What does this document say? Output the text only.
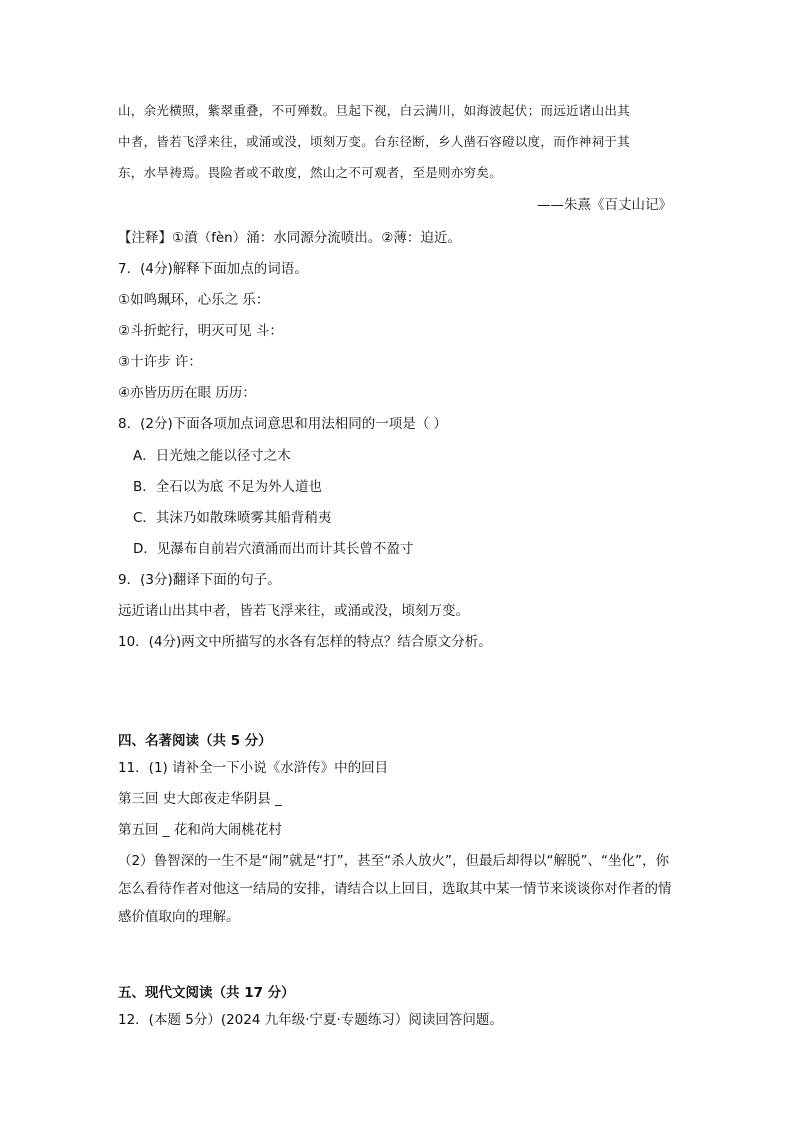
山，余光横照，紫翠重叠，不可殚数。旦起下视，白云满川，如海波起伏；而远近诸山出其
中者，皆若飞浮来往，或涌或没，顷刻万变。台东径断，乡人凿石容磴以度，而作神祠于其
东，水旱祷焉。畏险者或不敢度，然山之不可观者，至是则亦穷矣。
——朱熹《百丈山记》
【注释】①濆（fèn）涌：水同源分流喷出。②薄：迫近。
7．(4分)解释下面加点的词语。
①如鸣珮环，心乐之 乐：
②斗折蛇行，明灭可见 斗：
③十许步 许：
④亦皆历历在眼 历历：
8．(2分)下面各项加点词意思和用法相同的一项是（ ）
A．日光烛之能以径寸之木
B．全石以为底 不足为外人道也
C．其沫乃如散珠喷雾其船背稍夷
D．见瀑布自前岩穴濆涌而出而计其长曾不盈寸
9．(3分)翻译下面的句子。
远近诸山出其中者，皆若飞浮来往，或涌或没，顷刻万变。
10．(4分)两文中所描写的水各有怎样的特点？结合原文分析。
四、名著阅读（共 5 分）
11．(1) 请补全一下小说《水浒传》中的回目
第三回 史大郎夜走华阴县 _
第五回 _ 花和尚大闹桃花村
（2）鲁智深的一生不是“闹”就是“打”，甚至“杀人放火”，但最后却得以“解脱”、“坐化”，你怎么看待作者对他这一结局的安排，请结合以上回目，选取其中某一情节来谈谈你对作者的情感价值取向的理解。
五、现代文阅读（共 17 分）
12．(本题 5分）(2024 九年级·宁夏·专题练习）阅读回答问题。
